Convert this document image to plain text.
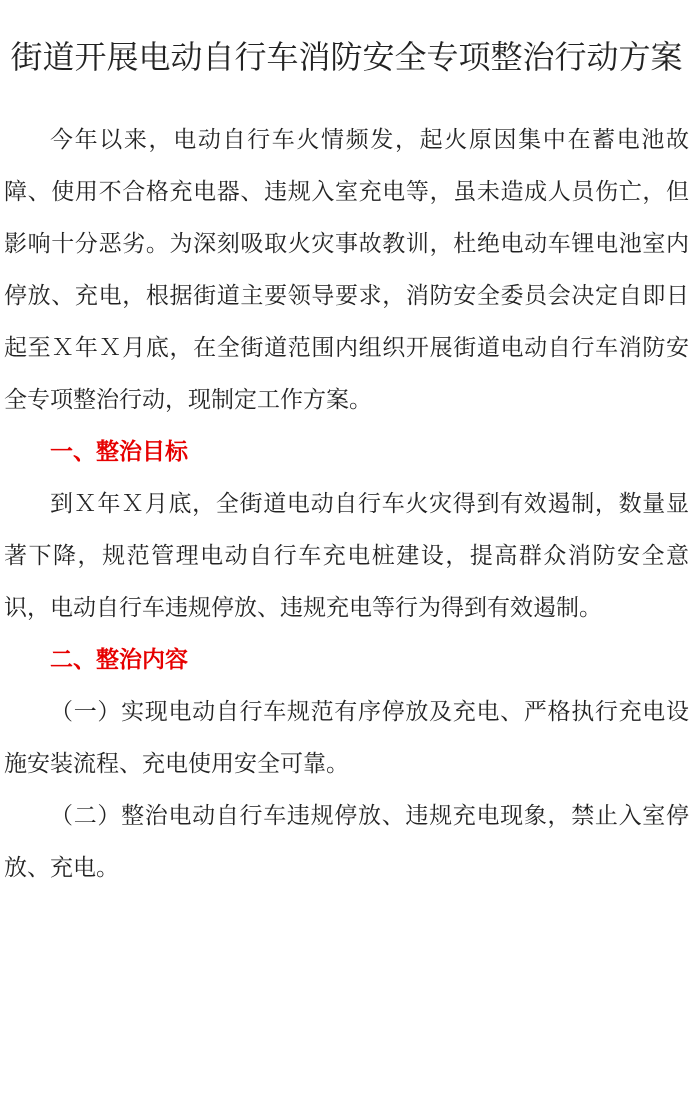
街道开展电动自行车消防安全专项整治行动方案

今年以来，电动自行车火情频发，起火原因集中在蓄电池故障、使用不合格充电器、违规入室充电等，虽未造成人员伤亡，但影响十分恶劣。为深刻吸取火灾事故教训，杜绝电动车锂电池室内停放、充电，根据街道主要领导要求，消防安全委员会决定自即日起至Ｘ年Ｘ月底，在全街道范围内组织开展街道电动自行车消防安全专项整治行动，现制定工作方案。

一、整治目标

到Ｘ年Ｘ月底，全街道电动自行车火灾得到有效遏制，数量显著下降，规范管理电动自行车充电桩建设，提高群众消防安全意识，电动自行车违规停放、违规充电等行为得到有效遏制。

二、整治内容

（一）实现电动自行车规范有序停放及充电、严格执行充电设施安装流程、充电使用安全可靠。

（二）整治电动自行车违规停放、违规充电现象，禁止入室停放、充电。
